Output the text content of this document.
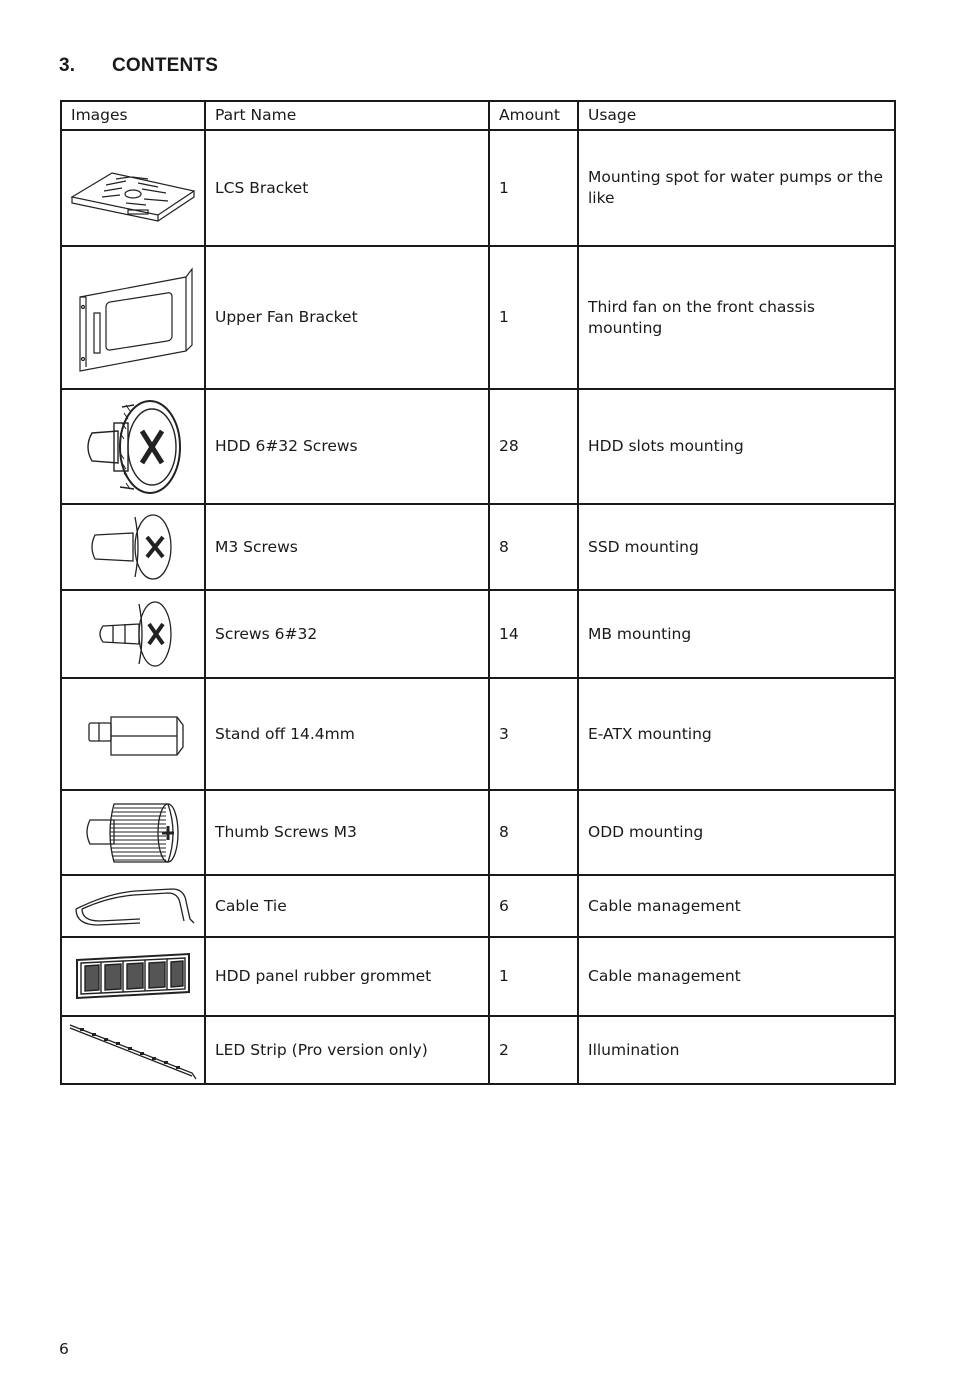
3. CONTENTS
Images	Part Name	Amount	Usage

	LCS Bracket	1	Mounting spot for water pumps or the like

	Upper Fan Bracket	1	Third fan on the front chassis mounting

	HDD 6#32 Screws	28	HDD slots mounting

	M3 Screws	8	SSD mounting

	Screws 6#32	14	MB mounting

	Stand off 14.4mm	3	E-ATX mounting

	Thumb Screws M3	8	ODD mounting

	Cable Tie	6	Cable management

	HDD panel rubber grommet	1	Cable management

	LED Strip (Pro version only)	2	Illumination
6
